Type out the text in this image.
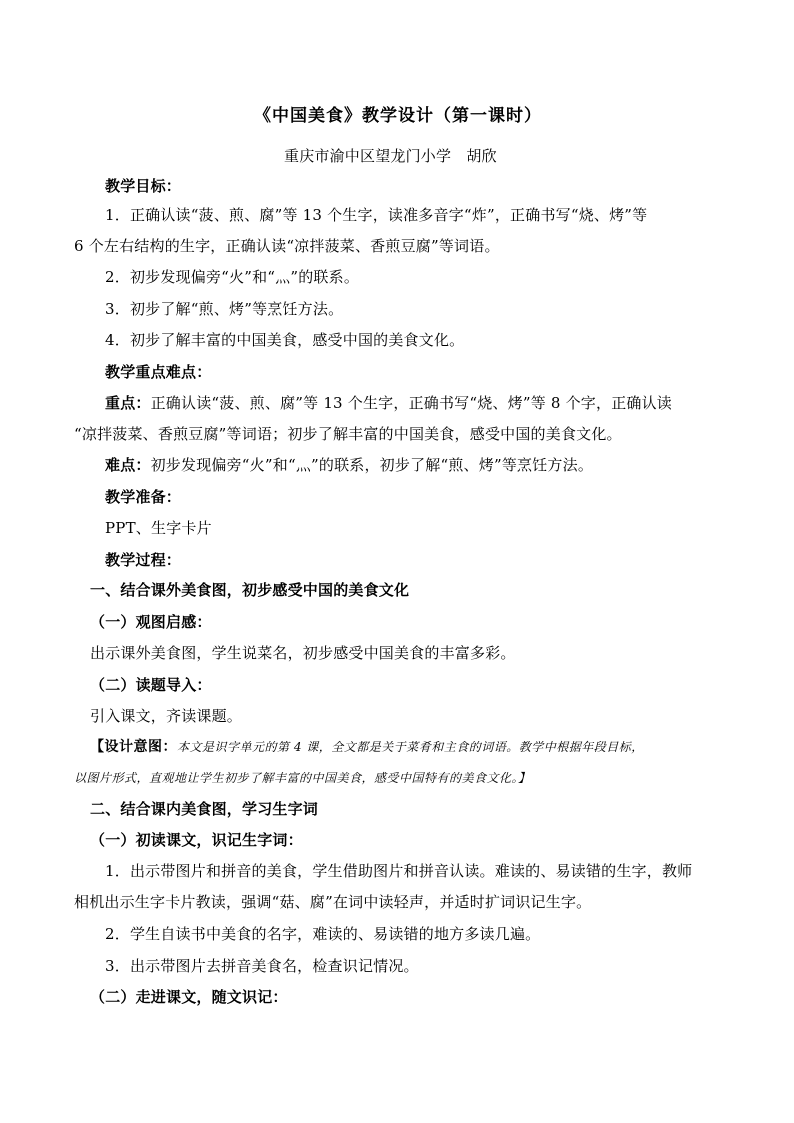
《中国美食》教学设计（第一课时）
重庆市渝中区望龙门小学　胡欣
教学目标：
1．正确认读“菠、煎、腐”等 13 个生字，读准多音字“炸”，正确书写“烧、烤”等
6 个左右结构的生字，正确认读“凉拌菠菜、香煎豆腐”等词语。
2．初步发现偏旁“火”和“灬”的联系。
3．初步了解“煎、烤”等烹饪方法。
4．初步了解丰富的中国美食，感受中国的美食文化。
教学重点难点：
重点：正确认读“菠、煎、腐”等 13 个生字，正确书写“烧、烤”等 8 个字，正确认读
“凉拌菠菜、香煎豆腐”等词语；初步了解丰富的中国美食，感受中国的美食文化。
难点：初步发现偏旁“火”和“灬”的联系，初步了解“煎、烤”等烹饪方法。
教学准备：
PPT、生字卡片
教学过程：
一、结合课外美食图，初步感受中国的美食文化
（一）观图启感：
出示课外美食图，学生说菜名，初步感受中国美食的丰富多彩。
（二）读题导入：
引入课文，齐读课题。
【设计意图：本文是识字单元的第 4 课，全文都是关于菜肴和主食的词语。教学中根据年段目标，
以图片形式，直观地让学生初步了解丰富的中国美食，感受中国特有的美食文化。】
二、结合课内美食图，学习生字词
（一）初读课文，识记生字词：
1．出示带图片和拼音的美食，学生借助图片和拼音认读。难读的、易读错的生字，教师
相机出示生字卡片教读，强调“菇、腐”在词中读轻声，并适时扩词识记生字。
2．学生自读书中美食的名字，难读的、易读错的地方多读几遍。
3．出示带图片去拼音美食名，检查识记情况。
（二）走进课文，随文识记：
